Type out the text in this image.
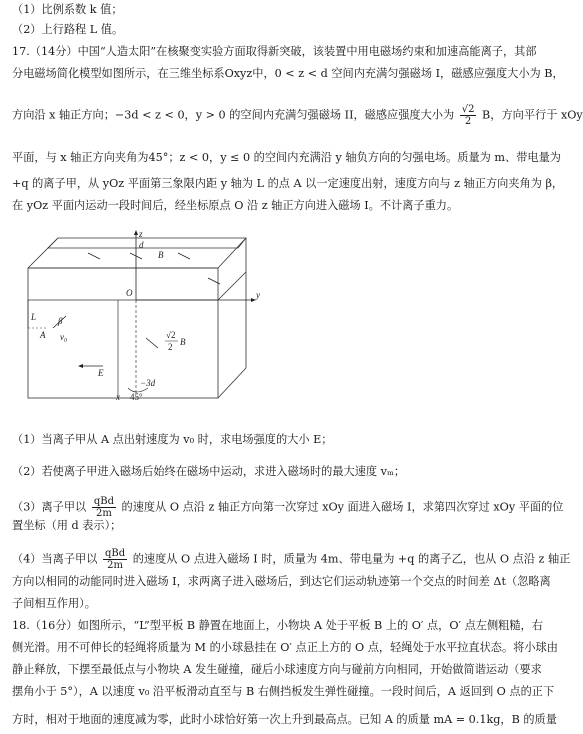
（1）比例系数 k 值；
（2）上行路程 L 值。
17.（14分）中国“人造太阳”在核聚变实验方面取得新突破，该装置中用电磁场约束和加速高能离子，其部
分电磁场简化模型如图所示，在三维坐标系Oxyz中，0 < z < d 空间内充满匀强磁场 I，磁感应强度大小为 B，
方向沿 x 轴正方向；−3d < z < 0，y > 0 的空间内充满匀强磁场 II，磁感应强度大小为 $\frac{√2}{2}$ B，方向平行于 xOy
平面，与 x 轴正方向夹角为45°；z < 0，y ≤ 0 的空间内充满沿 y 轴负方向的匀强电场。质量为 m、带电量为
+q 的离子甲，从 yOz 平面第三象限内距 y 轴为 L 的点 A 以一定速度出射，速度方向与 z 轴正方向夹角为 β，
在 yOz 平面内运动一段时间后，经坐标原点 O 沿 z 轴正方向进入磁场 I。不计离子重力。
z
d
B
O	y
L β
v₀
A	√2
2 B
E
−3d
x 45°
（1）当离子甲从 A 点出射速度为 v₀ 时，求电场强度的大小 E；
（2）若使离子甲进入磁场后始终在磁场中运动，求进入磁场时的最大速度 vₘ；
（3）离子甲以 $\frac{\text{qBd}}{2m}$ 的速度从 O 点沿 z 轴正方向第一次穿过 xOy 面进入磁场 I，求第四次穿过 xOy 平面的位
置坐标（用 d 表示）；
（4）当离子甲以 $\frac{\text{qBd}}{2m}$ 的速度从 O 点进入磁场 I 时，质量为 4m、带电量为 +q 的离子乙，也从 O 点沿 z 轴正
方向以相同的动能同时进入磁场 I，求两离子进入磁场后，到达它们运动轨迹第一个交点的时间差 Δt（忽略离
子间相互作用）。
18.（16分）如图所示，“L”型平板 B 静置在地面上，小物块 A 处于平板 B 上的 O′ 点，O′ 点左侧粗糙，右
侧光滑。用不可伸长的轻绳将质量为 M 的小球悬挂在 O′ 点正上方的 O 点，轻绳处于水平拉直状态。将小球由
静止释放，下摆至最低点与小物块 A 发生碰撞，碰后小球速度方向与碰前方向相同，开始做简谐运动（要求
摆角小于 5°），A 以速度 v₀ 沿平板滑动直至与 B 右侧挡板发生弹性碰撞。一段时间后，A 返回到 O 点的正下
方时，相对于地面的速度减为零，此时小球恰好第一次上升到最高点。已知 A 的质量 mA = 0.1kg，B 的质量
